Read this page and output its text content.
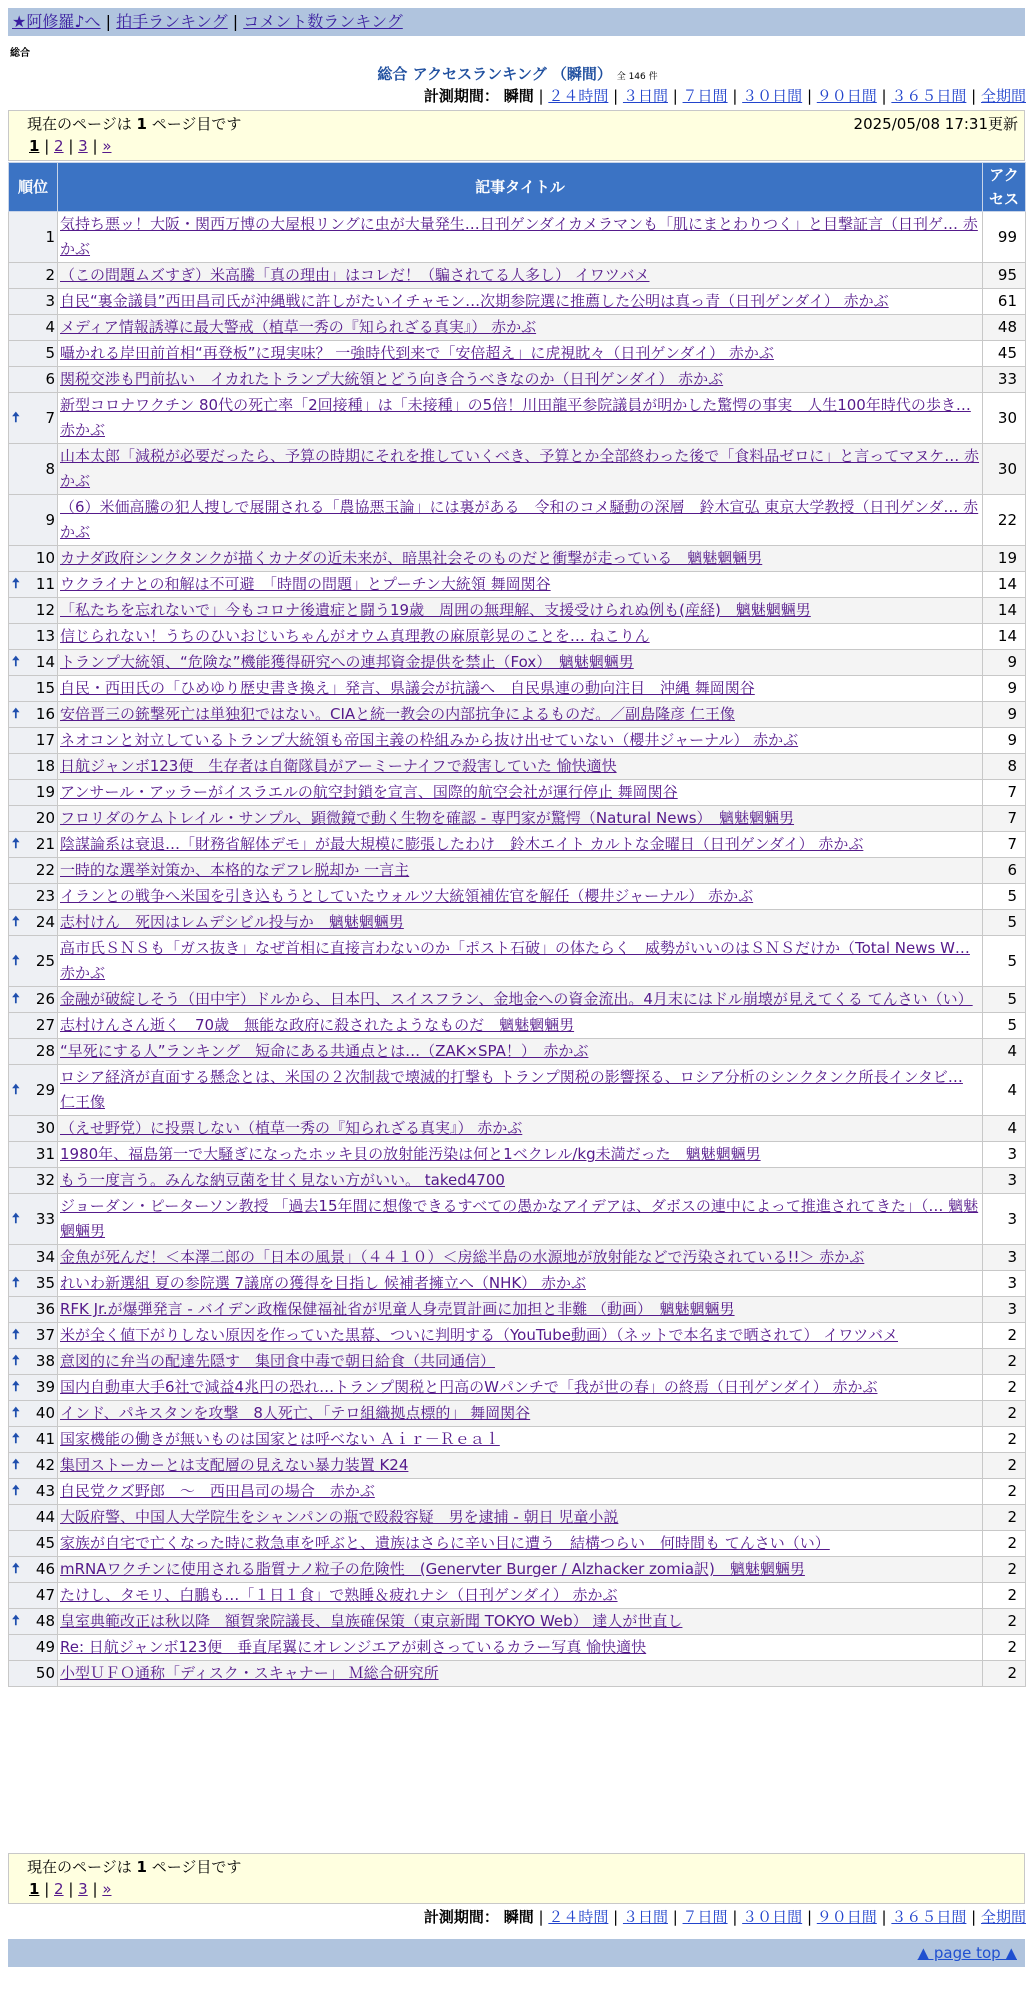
★阿修羅♪へ | 拍手ランキング | コメント数ランキング
総合
総合 アクセスランキング （瞬間） 全 146 件
計測期間： 瞬間 | ２４時間 | ３日間 | ７日間 | ３０日間 | ９０日間 | ３６５日間 | 全期間
現在のページは 1 ページ目です	2025/05/08 17:31更新
1 | 2 | 3 | »
順位	記事タイトル	アク
セス
1	気持ち悪ッ！大阪・関西万博の大屋根リングに虫が大量発生…日刊ゲンダイカメラマンも「肌にまとわりつく」と目撃証言（日刊ゲ… 赤かぶ	99
2	（この問題ムズすぎ）米高騰「真の理由」はコレだ！（騙されてる人多し） イワツバメ	95
3	自民“裏金議員”西田昌司氏が沖縄戦に許しがたいイチャモン…次期参院選に推薦した公明は真っ青（日刊ゲンダイ） 赤かぶ	61
4	メディア情報誘導に最大警戒（植草一秀の『知られざる真実』） 赤かぶ	48
5	囁かれる岸田前首相“再登板”に現実味？ 一強時代到来で「安倍超え」に虎視眈々（日刊ゲンダイ） 赤かぶ	45
6	関税交渉も門前払い　イカれたトランプ大統領とどう向き合うべきなのか（日刊ゲンダイ） 赤かぶ	33

🠅 7	新型コロナワクチン 80代の死亡率「2回接種」は「未接種」の5倍！川田龍平参院議員が明かした驚愕の事実　人生100年時代の歩き… 赤かぶ	30
8	山本太郎「減税が必要だったら、予算の時期にそれを推していくべき、予算とか全部終わった後で「食料品ゼロに」と言ってマヌケ… 赤かぶ	30
9	（6）米価高騰の犯人捜しで展開される「農協悪玉論」には裏がある　令和のコメ騒動の深層　鈴木宣弘 東京大学教授（日刊ゲンダ… 赤かぶ	22
10	カナダ政府シンクタンクが描くカナダの近未来が、暗黒社会そのものだと衝撃が走っている　魑魅魍魎男	19

🠅 11	ウクライナとの和解は不可避　「時間の問題」とプーチン大統領 舞岡関谷	14
12	「私たちを忘れないで」今もコロナ後遺症と闘う19歳　周囲の無理解、支援受けられぬ例も(産経)　魑魅魍魎男	14
13	信じられない！うちのひいおじいちゃんがオウム真理教の麻原彰晃のことを… ねこりん	14

🠅 14	トランプ大統領、“危険な”機能獲得研究への連邦資金提供を禁止（Fox）　魑魅魍魎男	9
15	自民・西田氏の「ひめゆり歴史書き換え」発言、県議会が抗議へ　自民県連の動向注目　沖縄 舞岡関谷	9

🠅 16	安倍晋三の銃撃死亡は単独犯ではない。CIAと統一教会の内部抗争によるものだ。／副島隆彦 仁王像	9
17	ネオコンと対立しているトランプ大統領も帝国主義の枠組みから抜け出せていない（櫻井ジャーナル） 赤かぶ	9
18	日航ジャンボ123便　生存者は自衛隊員がアーミーナイフで殺害していた 愉快適快	8
19	アンサール・アッラーがイスラエルの航空封鎖を宣言、国際的航空会社が運行停止 舞岡関谷	7
20	フロリダのケムトレイル・サンプル、顕微鏡で動く生物を確認 - 専門家が驚愕（Natural News）　魑魅魍魎男	7

🠅 21	陰謀論系は衰退…「財務省解体デモ」が最大規模に膨張したわけ　鈴木エイト カルトな金曜日（日刊ゲンダイ） 赤かぶ	7
22	一時的な選挙対策か、本格的なデフレ脱却か 一言主	6
23	イランとの戦争へ米国を引き込もうとしていたウォルツ大統領補佐官を解任（櫻井ジャーナル） 赤かぶ	5

🠅 24	志村けん　死因はレムデシビル投与か　魑魅魍魎男	5

🠅 25	高市氏ＳＮＳも「ガス抜き」なぜ首相に直接言わないのか「ポスト石破」の体たらく　威勢がいいのはＳＮＳだけか（Total News W… 赤かぶ	5

🠅 26	金融が破綻しそう（田中宇）ドルから、日本円、スイスフラン、金地金への資金流出。4月末にはドル崩壊が見えてくる てんさい（い）	5
27	志村けんさん逝く　70歳　無能な政府に殺されたようなものだ　魑魅魍魎男	5
28	“早死にする人”ランキング　短命にある共通点とは…（ZAK×SPA！）　赤かぶ	4

🠅 29	ロシア経済が直面する懸念とは、米国の２次制裁で壊滅的打撃も トランプ関税の影響探る、ロシア分析のシンクタンク所長インタビ… 仁王像	4
30	（えせ野党）に投票しない（植草一秀の『知られざる真実』） 赤かぶ	4
31	1980年、福島第一で大騒ぎになったホッキ貝の放射能汚染は何と1ベクレル/kg未満だった　魑魅魍魎男	3
32	もう一度言う。みんな納豆菌を甘く見ない方がいい。 taked4700	3

🠅 33	ジョーダン・ピーターソン教授 「過去15年間に想像できるすべての愚かなアイデアは、ダボスの連中によって推進されてきた」（… 魑魅魍魎男	3
34	金魚が死んだ！＜本澤二郎の「日本の風景」（４４１０）＜房総半島の水源地が放射能などで汚染されている!!＞ 赤かぶ	3

🠅 35	れいわ新選組 夏の参院選 7議席の獲得を目指し 候補者擁立へ（NHK） 赤かぶ	3
36	RFK Jr.が爆弾発言 - バイデン政権保健福祉省が児童人身売買計画に加担と非難 （動画）　魑魅魍魎男	3

🠅 37	米が全く値下がりしない原因を作っていた黒幕、ついに判明する（YouTube動画）（ネットで本名まで晒されて） イワツバメ	2

🠅 38	意図的に弁当の配達先隠す　集団食中毒で朝日給食（共同通信）	2

🠅 39	国内自動車大手6社で減益4兆円の恐れ…トランプ関税と円高のWパンチで「我が世の春」の終焉（日刊ゲンダイ） 赤かぶ	2

🠅 40	インド、パキスタンを攻撃　8人死亡、「テロ組織拠点標的」 舞岡関谷	2

🠅 41	国家機能の働きが無いものは国家とは呼べない Ａｉｒ－Ｒｅａｌ	2

🠅 42	集団ストーカーとは支配層の見えない暴力装置 K24	2

🠅 43	自民党クズ野郎　～　西田昌司の場合　赤かぶ	2
44	大阪府警、中国人大学院生をシャンパンの瓶で殴殺容疑　男を逮捕 - 朝日 児童小説	2
45	家族が自宅で亡くなった時に救急車を呼ぶと、遺族はさらに辛い目に遭う　結構つらい　何時間も てんさい（い）	2

🠅 46	mRNAワクチンに使用される脂質ナノ粒子の危険性　(Genervter Burger / Alzhacker zomia訳)　魑魅魍魎男	2
47	たけし、タモリ、白鵬も…「１日１食」で熟睡＆疲れナシ（日刊ゲンダイ） 赤かぶ	2

🠅 48	皇室典範改正は秋以降　額賀衆院議長、皇族確保策（東京新聞 TOKYO Web） 達人が世直し	2
49	Re: 日航ジャンボ123便　垂直尾翼にオレンジエアが刺さっているカラー写真 愉快適快	2
50	小型ＵＦＯ通称「ディスク・スキャナー」 Ｍ総合研究所	2
現在のページは 1 ページ目です
1 | 2 | 3 | »
計測期間： 瞬間 | ２４時間 | ３日間 | ７日間 | ３０日間 | ９０日間 | ３６５日間 | 全期間
▲ page top ▲
